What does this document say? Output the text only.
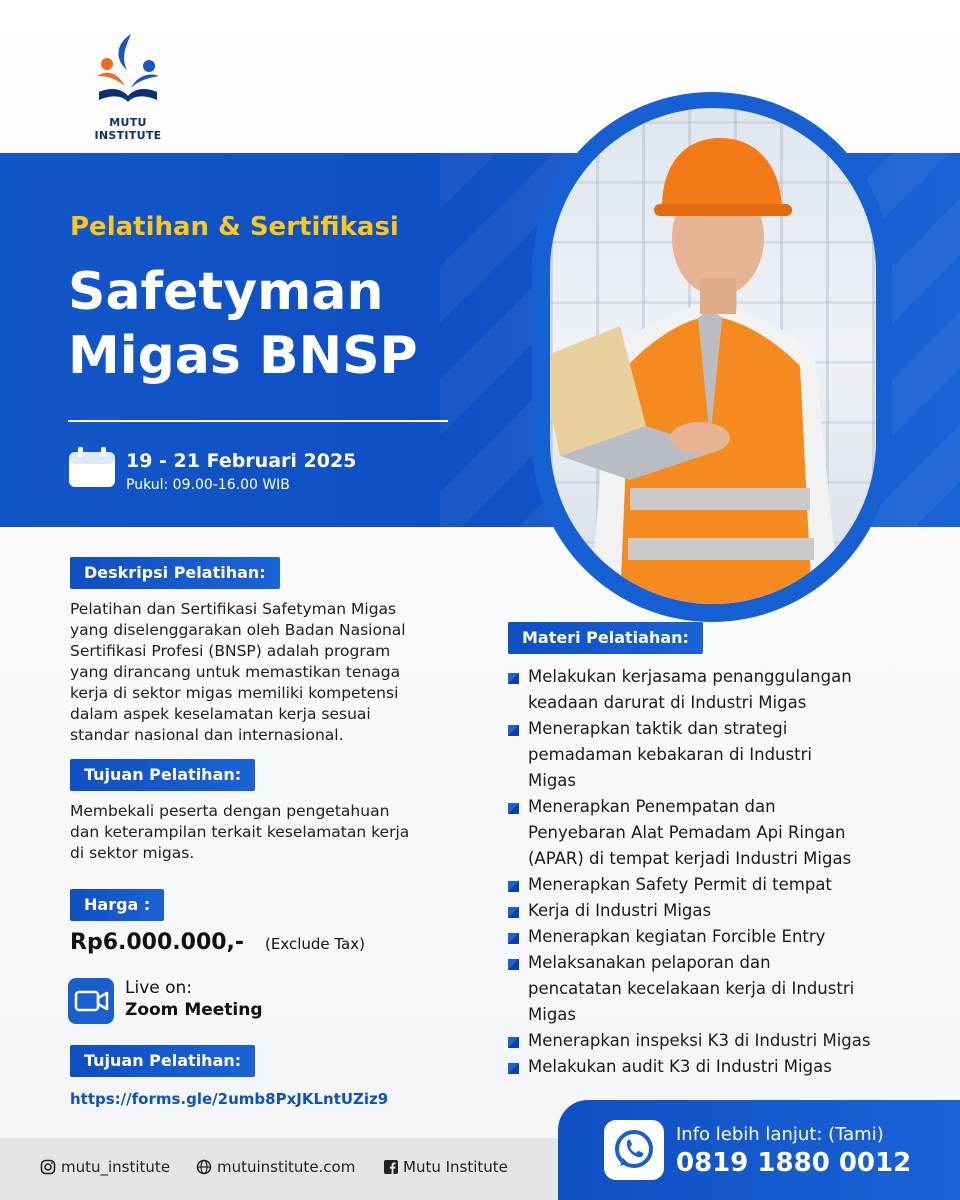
MUTU INSTITUTE
Pelatihan & Sertifikasi
Safetyman
Migas BNSP
19 - 21 Februari 2025
Pukul: 09.00-16.00 WIB
Deskripsi Pelatihan:
Pelatihan dan Sertifikasi Safetyman Migas
yang diselenggarakan oleh Badan Nasional
Sertifikasi Profesi (BNSP) adalah program
yang dirancang untuk memastikan tenaga
kerja di sektor migas memiliki kompetensi
dalam aspek keselamatan kerja sesuai
standar nasional dan internasional.
Tujuan Pelatihan:
Membekali peserta dengan pengetahuan
dan keterampilan terkait keselamatan kerja
di sektor migas.
Harga :
Rp6.000.000,- (Exclude Tax)
Live on:
Zoom Meeting
Tujuan Pelatihan:
https://forms.gle/2umb8PxJKLntUZiz9
Materi Pelatiahan:
Melakukan kerjasama penanggulangan
keadaan darurat di Industri Migas
Menerapkan taktik dan strategi
pemadaman kebakaran di Industri
Migas
Menerapkan Penempatan dan
Penyebaran Alat Pemadam Api Ringan
(APAR) di tempat kerjadi Industri Migas
Menerapkan Safety Permit di tempat
Kerja di Industri Migas
Menerapkan kegiatan Forcible Entry
Melaksanakan pelaporan dan
pencatatan kecelakaan kerja di Industri
Migas
Menerapkan inspeksi K3 di Industri Migas
Melakukan audit K3 di Industri Migas
mutu_institute	mutuinstitute.com	Mutu Institute
Info lebih lanjut: (Tami)
0819 1880 0012
